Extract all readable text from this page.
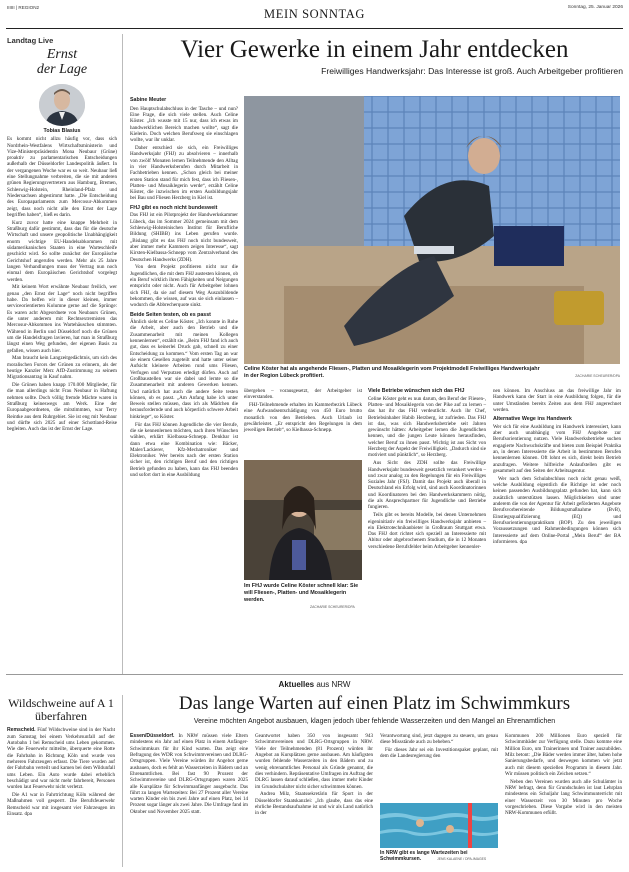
IIIIII | REGION2	MEIN SONNTAG	Sonntag, 25. Januar 2026
Landtag Live
Ernst
der Lage
Tobias Blasius

Es kommt nicht allzu häufig vor, dass sich Nordrhein-Westfalens Wirtschaftsministerin und Vize-Ministerpräsidentin Mona Neubaur (Grüne) proaktiv zu parlamentarischen Entscheidungen außerhalb der Düsseldorfer Landespolitik äußert. In der vergangenen Woche war es so weit. Neubaur ließ eine Stellungnahme verbreiten, die sie mit anderen grünen Regierungsvertretern aus Hamburg, Bremen, Schleswig-Holstein, Rheinland-Pfalz und Niedersachsen abgestimmt hatte. „Die Entscheidung des Europaparlaments zum Mercosur-Abkommen zeigt, dass noch nicht alle den Ernst der Lage begriffen haben“, hieß es darin.

Kurz zuvor hatte eine knappe Mehrheit in Straßburg dafür gestimmt, dass das für die deutsche Wirtschaft und unsere geopolitische Unabhängigkeit enorm wichtige EU-Handelsabkommen mit südamerikanischen Staaten in eine Warteschleife geschickt wird. So sollte zunächst der Europäische Gerichtshof angerufen werden. Mehr als 25 Jahre langen Verhandlungen muss der Vertrag nun noch einmal dem Europäischen Gerichtshof vorgelegt werden.

Mit keinem Wort erwähnte Neubaur freilich, wer genau „den Ernst der Lage“ noch nicht begriffen habe. Da helfen wir in dieser kleinen, immer serviceorientierten Kolumne gerne auf die Sprünge: Es waren acht Abgeordnete von Neubaurs Grünen, die unter anderem mit Rechtsextremisten das Mercosur-Abkommen ins Wartehäuschen stimmten. Während in Berlin und Düsseldorf noch die Grünen um die Handelsfragen lavieren, hat man in Straßburg längst einen Weg gefunden, der eigenen Basis zu gefallen, wissen auch hier.

Man braucht kein Langzeitgedächtnis, um sich des moralischen Furors der Grünen zu erinnern, als der heutige Kanzler Merz AfD-Zustimmung zu seinem Migrationsantrag in Kauf nahm.

Die Grünen haben knapp 170.000 Mitglieder, für die man allerdings nicht Frau Neubaur in Haftung nehmen sollte. Doch völlig fremde Mächte waren in Straßburg keineswegs am Werk. Eine der Europaabgeordneten, die mitstimmten, war Terry Reintke aus dem Ruhrgebiet. Sie ist eng mit Neubaur und dürfte sich 2025 auf einer Schottland-Reise begleiten. Auch das ist der Ernst der Lage.

Vier Gewerke in einem Jahr entdecken
Freiwilliges Handwerksjahr: Das Interesse ist groß. Auch Arbeitgeber profitieren
Sabine Meuter

Den Hauptschulabschluss in der Tasche – und nun? Eine Frage, die sich viele stellen. Auch Celine Köster. „Ich wusste mit 15 nur, dass ich etwas im handwerklichen Bereich machen wollte“, sagt die Kielerin. Doch welchen Berufsweg sie einschlagen wollte, war ihr unklar.

Daher entschied sie sich, ein Freiwilliges Handwerksjahr (FHJ) zu absolvieren – innerhalb von zwölf Monaten lernen Teilnehmende den Alltag in vier Handwerksberufen durch Mitarbeit in Fachbetrieben kennen. „Schon gleich bei meiner ersten Station stand für mich fest, dass ich Fliesen-, Platten- und Mosaiklegerin werde“, erzählt Celine Köster, die inzwischen im ersten Ausbildungsjahr bei Bau und Fliesen Herzberg in Kiel ist.

FHJ gibt es noch nicht bundesweit

Das FHJ ist ein Pilotprojekt der Handwerkskammer Lübeck, das im Sommer 2024 gemeinsam mit dem Schleswig-Holsteinischen Institut für Berufliche Bildung (SHIBB) ins Leben gerufen wurde. „Bislang gibt es das FHJ noch nicht bundesweit, aber immer mehr Kammern zeigen Interesse“, sagt Kirsten-Kielbassa-Schnepp vom Zentralverband des Deutschen Handwerks (ZDH).

Von dem Projekt profitieren nicht nur die Jugendlichen, die mit dem FHJ austesten können, ob ein Beruf wirklich ihren Fähigkeiten und Neigungen entspricht oder nicht. Auch für Arbeitgeber lohnen sich FHJ, da sie auf diesem Weg Auszubildende bekommen, die wissen, auf was sie sich einlassen – wodurch die Abbrecherquote sinkt.

Beide Seiten testen, ob es passt

Ähnlich sieht es Celine Köster. „Ich konnte in Ruhe die Arbeit, aber auch den Betrieb und die Zusammenarbeit mit meinen Kollegen kennenlernen“, erzählt sie. „Beim FHJ fand ich auch gut, dass es keinerlei Druck gab, schnell zu einer Entscheidung zu kommen.“ Vom ersten Tag an war sie einem Gesellen zugeteilt und hatte unter seiner Aufsicht kleinere Arbeiten rund ums Fliesen, Verfugen und Verputzen erledigt dürfen. Auch auf Großbaustellen war sie dabei und lernte so die Zusammenarbeit mit anderen Gewerken kennen. Und natürlich hat auch die andere Seite testen können, ob es passt. „Am Anfang habe ich unter Beweis stellen müssen, dass ich als Mädchen die herausfordernde und auch körperlich schwere Arbeit hinkriege“, so Köster.

Für das FHJ können Jugendliche die vier Berufe, die sie kennenlernen möchten, nach ihren Wünschen wählen, erklärt Kielbassa-Schnepp. Denkbar ist dann etwa eine Kombination wie: Bäcker, Maler/Lackierer, Kfz-Mechatroniker und Elektroniker. Wer bereits nach der ersten Station sicher ist, den richtigen Beruf und den richtigen Betrieb gefunden zu haben, kann das FHJ beenden und sofort dort in eine Ausbildung

Celine Köster hat als angehende Fliesen-, Platten und Mosaiklegerin vom Projektmodell Freiwilliges Handwerksjahr in der Region Lübeck profitiert.	ZACHARIE SCHEURER/DPA

übergehen – vorausgesetzt, der Arbeitgeber ist einverstanden.

FHJ-Teilnehmende erhalten im Kammerbezirk Lübeck eine Aufwandsentschädigung von 450 Euro brutto monatlich von den Betrieben. Auch Urlaub ist gewährleistet. „Er entspricht den Regelungen in dem jeweiligen Betrieb“, so Kielbassa-Schnepp.

Im FHJ wurde Celine Köster schnell klar: Sie will Fliesen-, Platten- und Mosaiklegerin werden.
ZACHARIE SCHEURER/DPA
Viele Betriebe wünschen sich das FHJ

Celine Köster geht es nun darum, den Beruf der Fliesen-, Platten- und Mosaiklegerin von der Pike auf zu lernen – das hat ihr das FHJ verdeutlicht. Auch ihr Chef, Betriebsinhaber Habib Herzberg, ist zufrieden. Das FHJ ist das, was sich Handwerksbetriebe seit Jahren gewünscht hätten: Arbeitgeber lernen die Jugendlichen kennen, und die jungen Leute können herausfinden, welcher Beruf zu ihnen passt. Wichtig ist aus Sicht von Herzberg der Aspekt der Freiwilligkeit. „Dadurch sind sie motiviert und pünktlich“, so Herzberg.

Aus Sicht des ZDH sollte das Freiwillige Handwerksjahr bundesweit gesetzlich verankert werden – und zwar analog zu den Regelungen für ein Freiwilliges Soziales Jahr (FSJ). Damit das Projekt auch überall in Deutschland ein Erfolg wird, sind auch Koordinatorinnen und Koordinatoren bei den Handwerkskammern nötig, die als Ansprechpartner für Jugendliche und Betriebe fungieren.

Teils gibt es bereits Modelle, bei denen Unternehmen eigeninitiativ ein freiwilliges Handwerksjahr anbieten – ein Elektrotechnikanbieter in Großraum Stuttgart etwa. Das FHJ dort richtet sich speziell an Interessierte mit Abitur oder abgebrochenem Studium, die in 12 Monaten verschiedene Berufsfelder beim Arbeitgeber kennenler-

nen können. Im Anschluss an das freiwillige Jahr im Handwerk kann der Start in eine Ausbildung folgen, für die unter Umständen bereits Zeiten aus dem FHJ angerechnet werden.

Alternative Wege ins Handwerk

Wer sich für eine Ausbildung im Handwerk interessiert, kann aber auch unabhängig vom FHJ Angebote zur Berufsorientierung nutzen. Viele Handwerksbetriebe suchen engagierte Nachwuchskräfte und bieten zum Beispiel Praktika an, in denen Interessierte die Arbeit in bestimmten Berufen kennenlernen können. Oft lohnt es sich, direkt beim Betrieb anzufragen. Weitere hilfreiche Anlaufstellen gibt es gesammelt auf den Seiten der Arbeitsagentur.

Wer nach dem Schulabschluss noch nicht genau weiß, welche Ausbildung eigentlich die Richtige ist oder noch keinen passenden Ausbildungsplatz gefunden hat, kann sich zusätzlich unterstützen lassen. Möglichkeiten sind unter anderem die von der Agentur für Arbeit geförderten Angebote Berufsvorbereitende Bildungsmaßnahme (BvB), Einstiegsqualifizierung (EQ) und Berufsorientierungspraktikum (BOP). Zu den jeweiligen Voraussetzungen und Rahmenbedingungen können sich Interessierte auf dem Online-Portal „Mein Beruf“ der BA informieren. dpa

Aktuelles aus NRW
Wildschweine auf A 1 überfahren

Remscheid. Fünf Wildschweine sind in der Nacht zum Samstag bei einem Verkehrsunfall auf der Autobahn 1 bei Remscheid ums Leben gekommen. Wie die Feuerwehr mitteilte, überquerte eine Rotte die Fahrbahn in Richtung Köln und wurde von mehreren Fahrzeugen erfasst. Die Tiere wurden auf der Fahrbahn verteilt und kamen bei dem Wildunfall ums Leben. Ein Auto wurde dabei erheblich beschädigt und war nicht mehr fahrbereit, Personen wurden laut Feuerwehr nicht verletzt.

Die A1 war in Fahrtrichtung Köln während der Maßnahmen voll gesperrt. Die Berufsfeuerwehr Remscheid war mit insgesamt vier Fahrzeugen im Einsatz. dpa

Das lange Warten auf einen Platz im Schwimmkurs
Vereine möchten Angebot ausbauen, klagen jedoch über fehlende Wasserzeiten und den Mangel an Ehrenamtlichen

Essen/Düsseldorf. In NRW müssen viele Eltern mindestens ein Jahr auf einen Platz in einem Anfänger-Schwimmkurs für ihr Kind warten. Das zeigt eine Befragung des WDR von Schwimmvereinen und DLRG-Ortsgruppen. Viele Vereine würden ihr Angebot gerne ausbauen, doch es fehlt an Wasserzeiten in Bädern und an Ehrenamtlichen. Bei fast 90 Prozent der Schwimmvereine und DLRG-Ortsgruppen waren 2025 alle Kursplätze für Schwimmanfänger ausgebucht. Das führt zu langen Wartezeiten: Bei 27 Prozent aller Vereine warten Kinder ein bis zwei Jahre auf einen Platz, bei 14 Prozent sogar länger als zwei Jahre. Die Umfrage fand im Oktober und November 2025 statt.

Geantwortet haben 350 von insgesamt 943 Schwimmvereinen und DLRG-Ortsgruppen in NRW. Viele der Teilnehmenden (81 Prozent) würden ihr Angebot an Kursplätzen gerne ausbauen. Am häufigsten wurden fehlende Wasserzeiten in den Bädern und zu wenig ehrenamtliches Personal als Gründe genannt, die dies verhindern. Repräsentative Umfragen im Auftrag der DLRG lassen darauf schließen, dass immer mehr Kinder im Grundschulalter nicht sicher schwimmen können.

Andrea Milz, Staatssekretärin für Sport in der Düsseldorfer Staatskanzlei: „Ich glaube, dass das eine ehrliche Bestandsaufnahme ist und wir als Land natürlich in der

Verantwortung sind, jetzt dagegen zu steuern, um genau diese Missstände auch zu beheben.“

Für dieses Jahr sei ein Investitionspaket geplant, mit dem die Landesregierung den

In NRW gibt es lange Wartezeiten bei Schwimmkursen.	JENS KALAENE / DPA-IMAGES

Kommunen 200 Millionen Euro speziell für Schwimmbäder zur Verfügung stelle. Dazu komme eine Million Euro, um Trainerinnen und Trainer auszubilden. Milz betont: „Die Bäder werden immer älter, haben hohe Sanierungsbedarfe, und deswegen kommen wir jetzt auch mit diesem speziellen Programm in diesem Jahr. Wir müssen politisch ein Zeichen setzen.“

Neben den Vereinen wurden auch alle Schulämter in NRW befragt, denn für Grundschulen ist laut Lehrplan mindestens ein Schuljahr lang Schwimmunterricht mit einer Wasserzeit von 30 Minuten pro Woche vorgeschrieben. Diese Vorgabe wird in den meisten NRW-Kommunen erfüllt.
